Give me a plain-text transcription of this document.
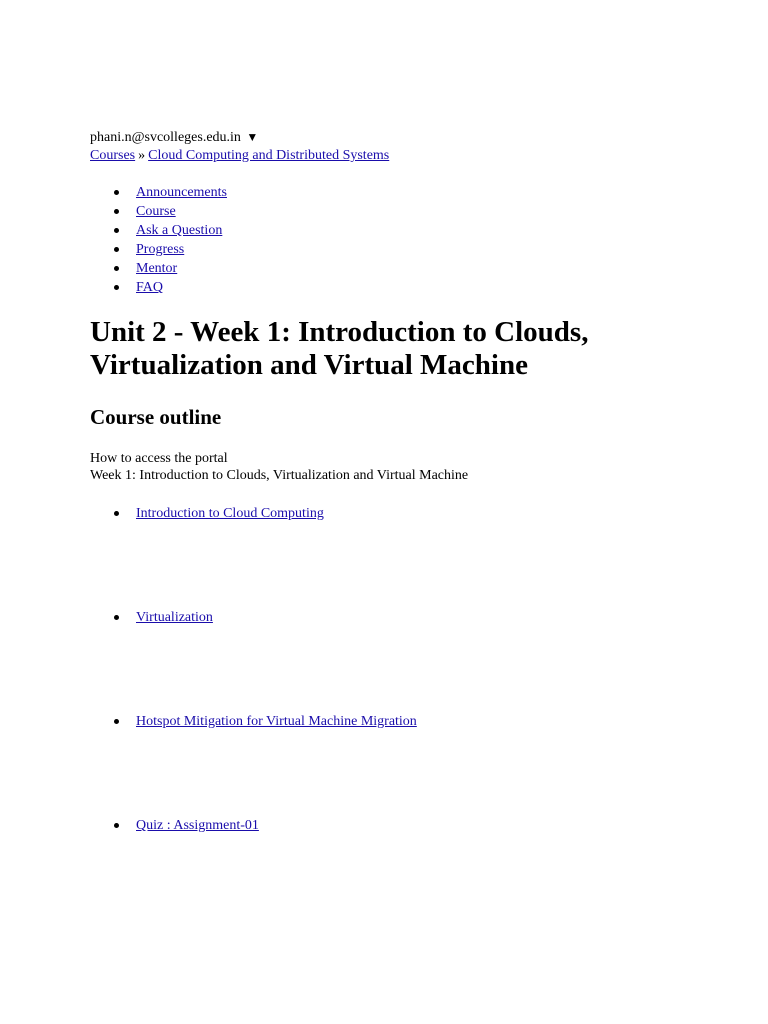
phani.n@svcolleges.edu.in ▼
Courses » Cloud Computing and Distributed Systems
Announcements
Course
Ask a Question
Progress
Mentor
FAQ
Unit 2 - Week 1: Introduction to Clouds, Virtualization and Virtual Machine
Course outline
How to access the portal
Week 1: Introduction to Clouds, Virtualization and Virtual Machine
Introduction to Cloud Computing
Virtualization
Hotspot Mitigation for Virtual Machine Migration
Quiz : Assignment-01
